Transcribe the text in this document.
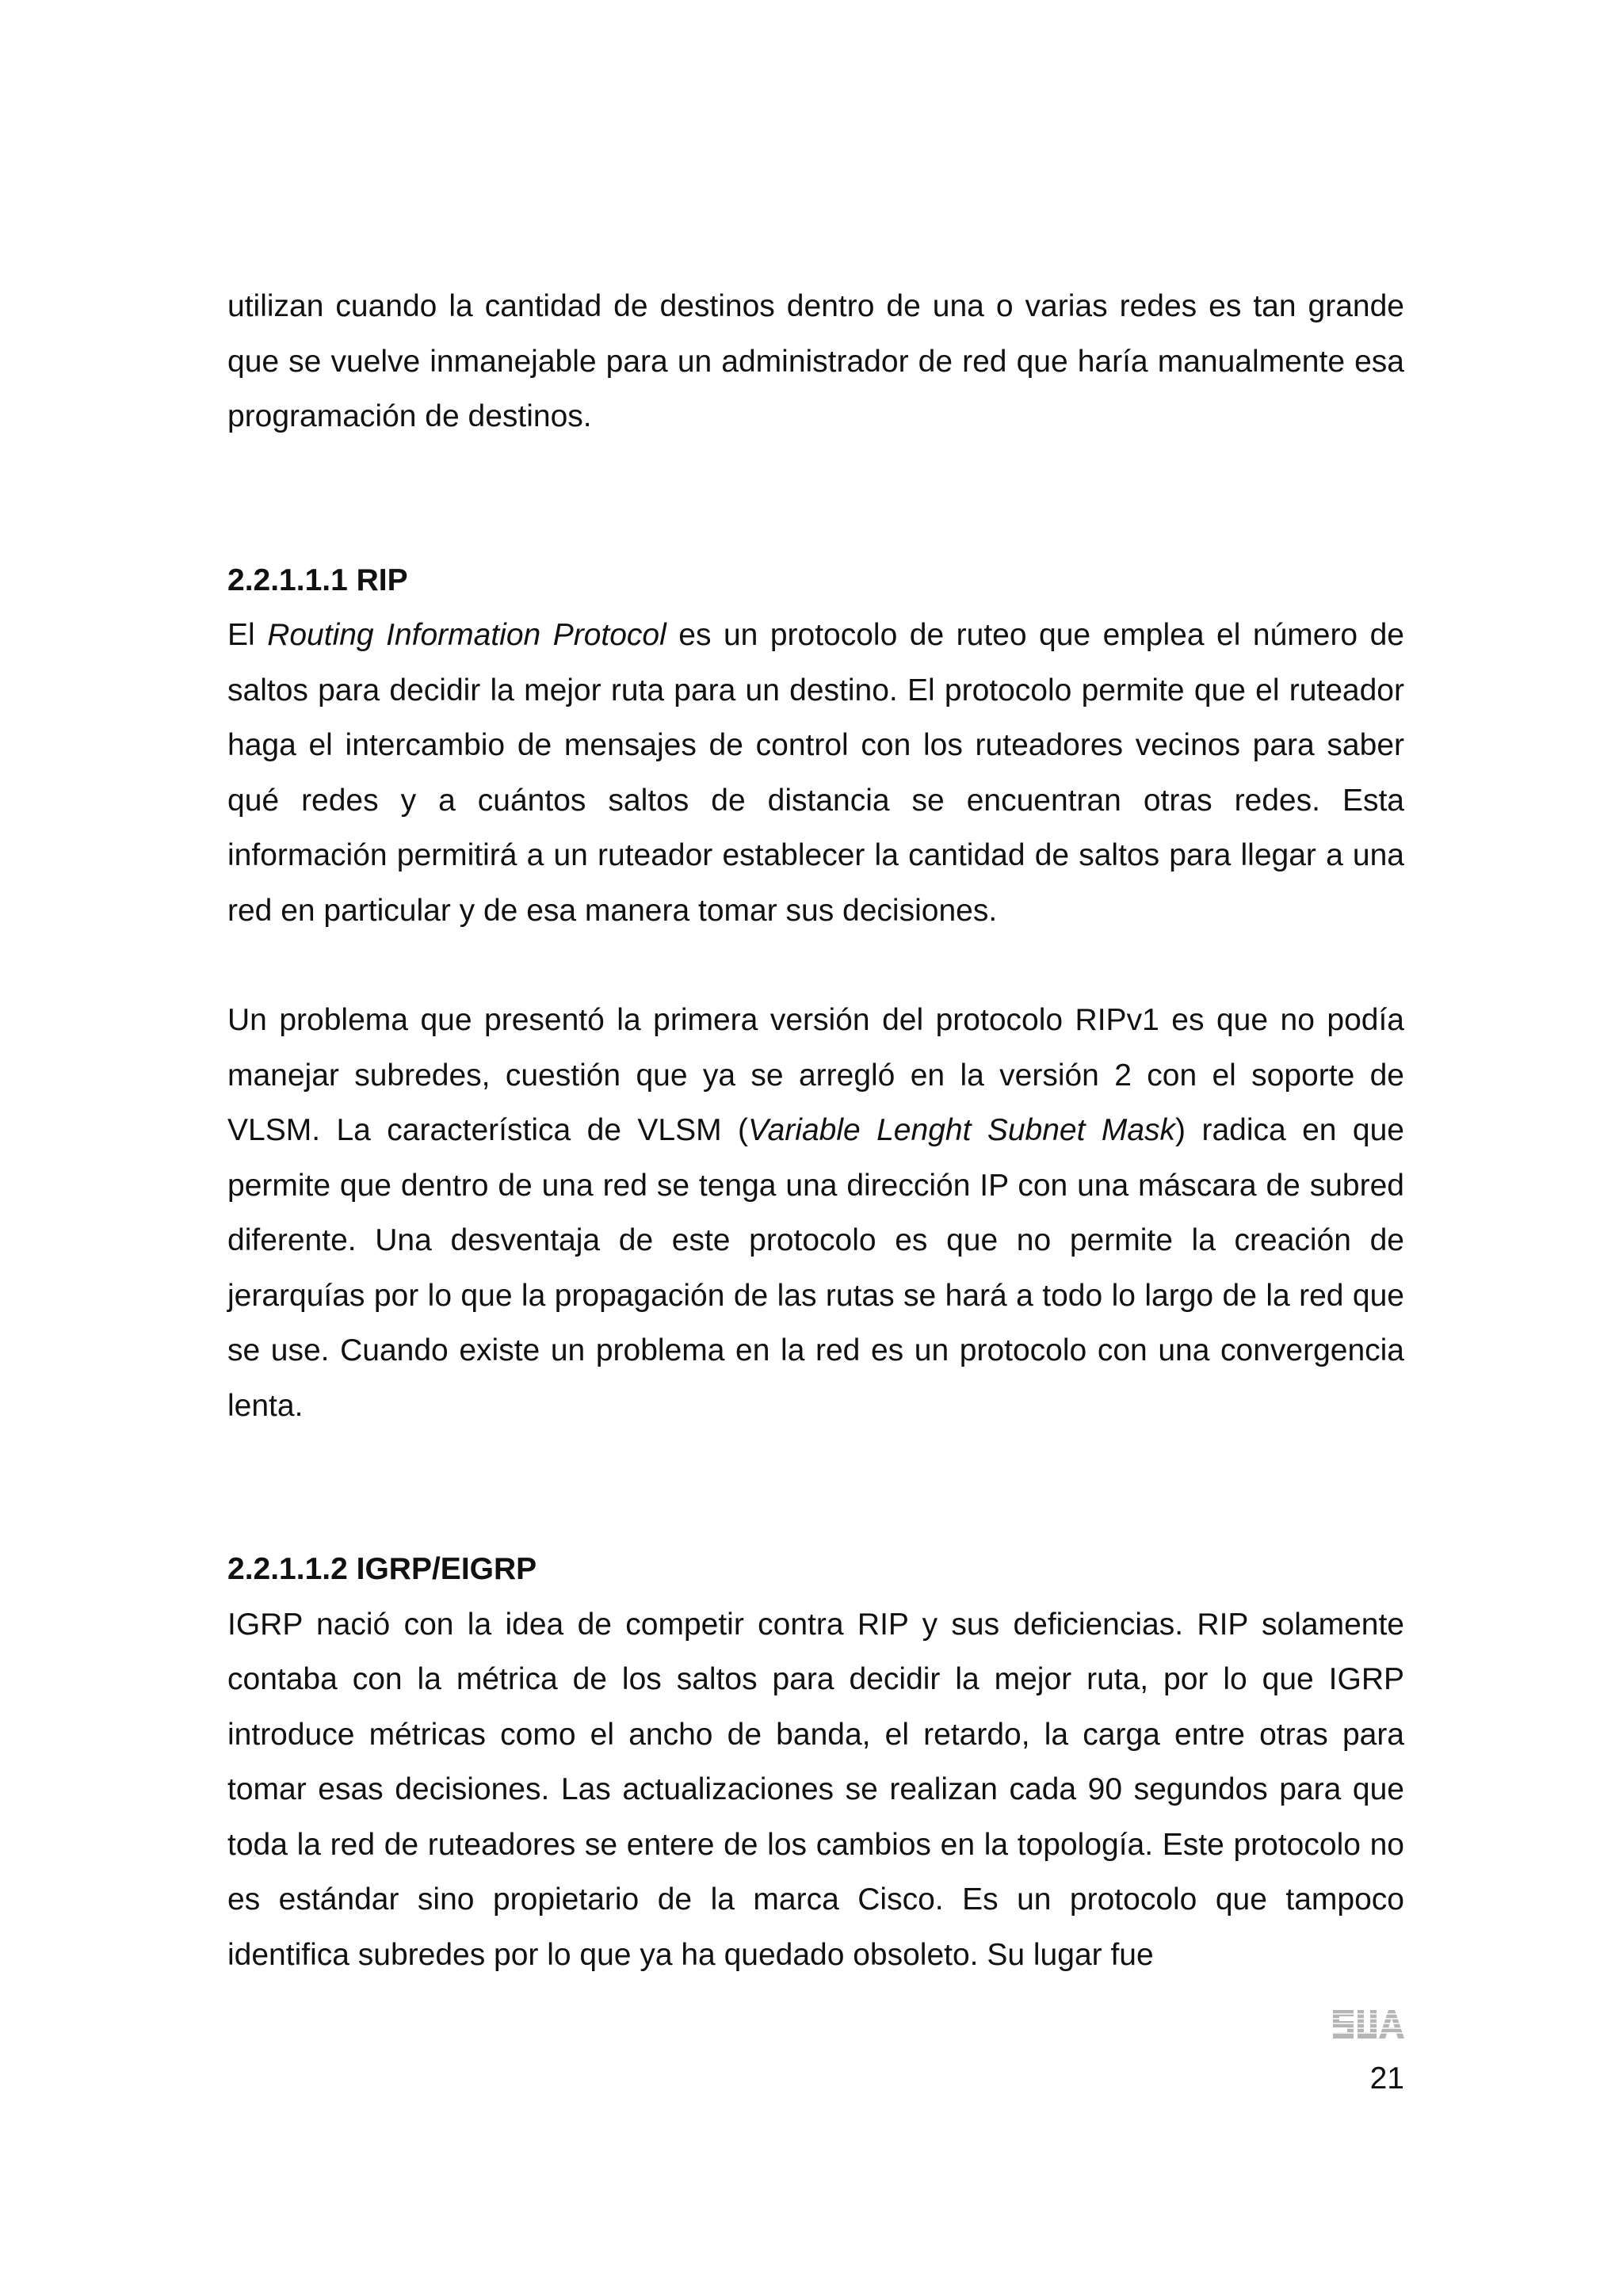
utilizan cuando la cantidad de destinos dentro de una o varias redes es tan grande que se vuelve inmanejable para un administrador de red que haría manualmente esa programación de destinos.

2.2.1.1.1 RIP

El Routing Information Protocol es un protocolo de ruteo que emplea el número de saltos para decidir la mejor ruta para un destino. El protocolo permite que el ruteador haga el intercambio de mensajes de control con los ruteadores vecinos para saber qué redes y a cuántos saltos de distancia se encuentran otras redes. Esta información permitirá a un ruteador establecer la cantidad de saltos para llegar a una red en particular y de esa manera tomar sus decisiones.

Un problema que presentó la primera versión del protocolo RIPv1 es que no podía manejar subredes, cuestión que ya se arregló en la versión 2 con el soporte de VLSM. La característica de VLSM (Variable Lenght Subnet Mask) radica en que permite que dentro de una red se tenga una dirección IP con una máscara de subred diferente. Una desventaja de este protocolo es que no permite la creación de jerarquías por lo que la propagación de las rutas se hará a todo lo largo de la red que se use. Cuando existe un problema en la red es un protocolo con una convergencia lenta.

2.2.1.1.2 IGRP/EIGRP

IGRP nació con la idea de competir contra RIP y sus deficiencias. RIP solamente contaba con la métrica de los saltos para decidir la mejor ruta, por lo que IGRP introduce métricas como el ancho de banda, el retardo, la carga entre otras para tomar esas decisiones. Las actualizaciones se realizan cada 90 segundos para que toda la red de ruteadores se entere de los cambios en la topología. Este protocolo no es estándar sino propietario de la marca Cisco. Es un protocolo que tampoco identifica subredes por lo que ya ha quedado obsoleto. Su lugar fue

21
